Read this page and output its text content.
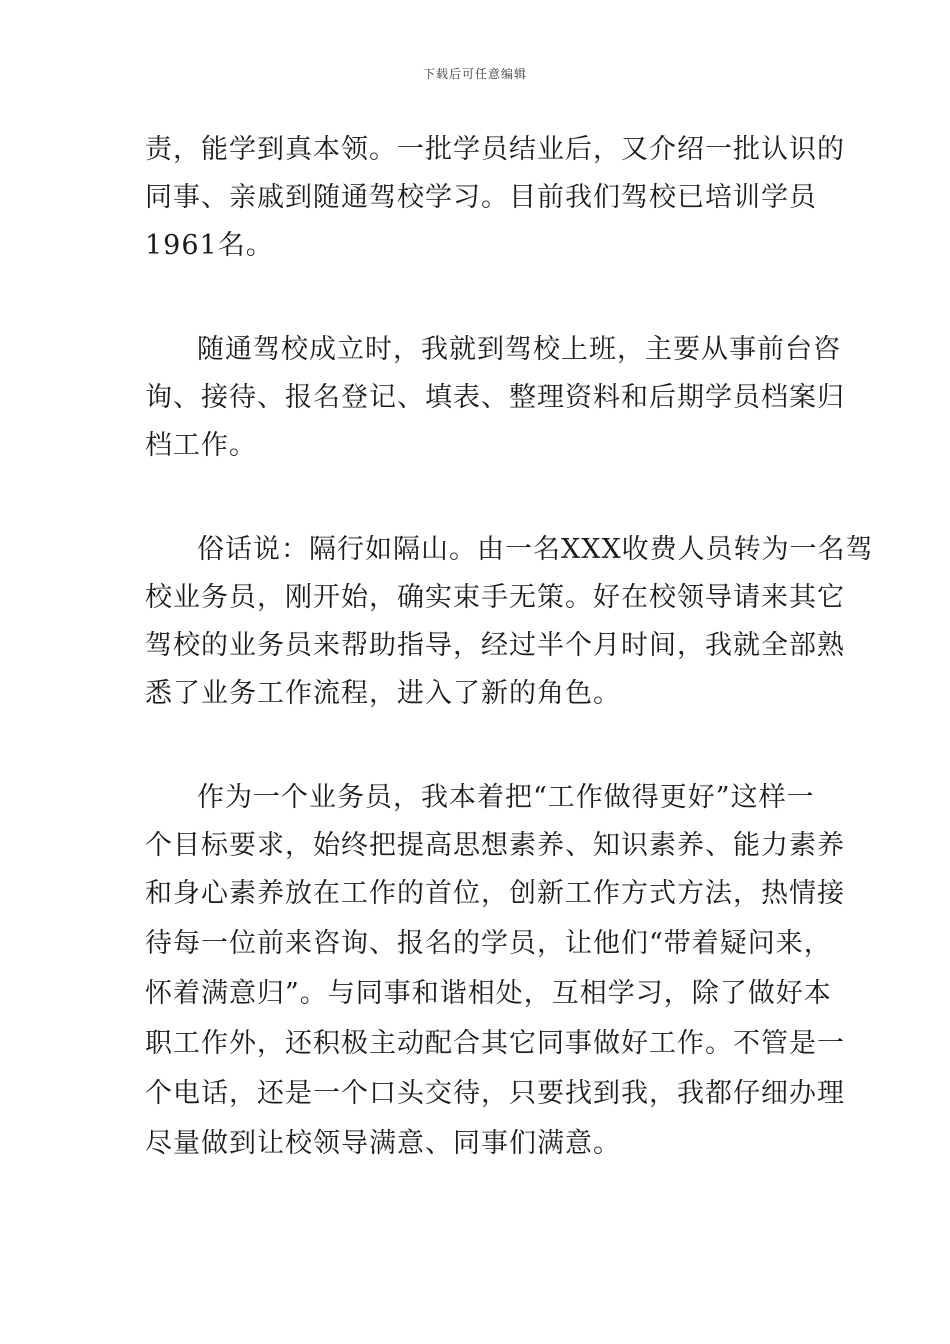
下载后可任意编辑
责，能学到真本领。一批学员结业后，又介绍一批认识的
同事、亲戚到随通驾校学习。目前我们驾校已培训学员
1961名。
随通驾校成立时，我就到驾校上班，主要从事前台咨
询、接待、报名登记、填表、整理资料和后期学员档案归
档工作。
俗话说：隔行如隔山。由一名XXX收费人员转为一名驾
校业务员，刚开始，确实束手无策。好在校领导请来其它
驾校的业务员来帮助指导，经过半个月时间，我就全部熟
悉了业务工作流程，进入了新的角色。
作为一个业务员，我本着把“工作做得更好”这样一
个目标要求，始终把提高思想素养、知识素养、能力素养
和身心素养放在工作的首位，创新工作方式方法，热情接
待每一位前来咨询、报名的学员，让他们“带着疑问来，
怀着满意归”。与同事和谐相处，互相学习，除了做好本
职工作外，还积极主动配合其它同事做好工作。不管是一
个电话，还是一个口头交待，只要找到我，我都仔细办理
尽量做到让校领导满意、同事们满意。
